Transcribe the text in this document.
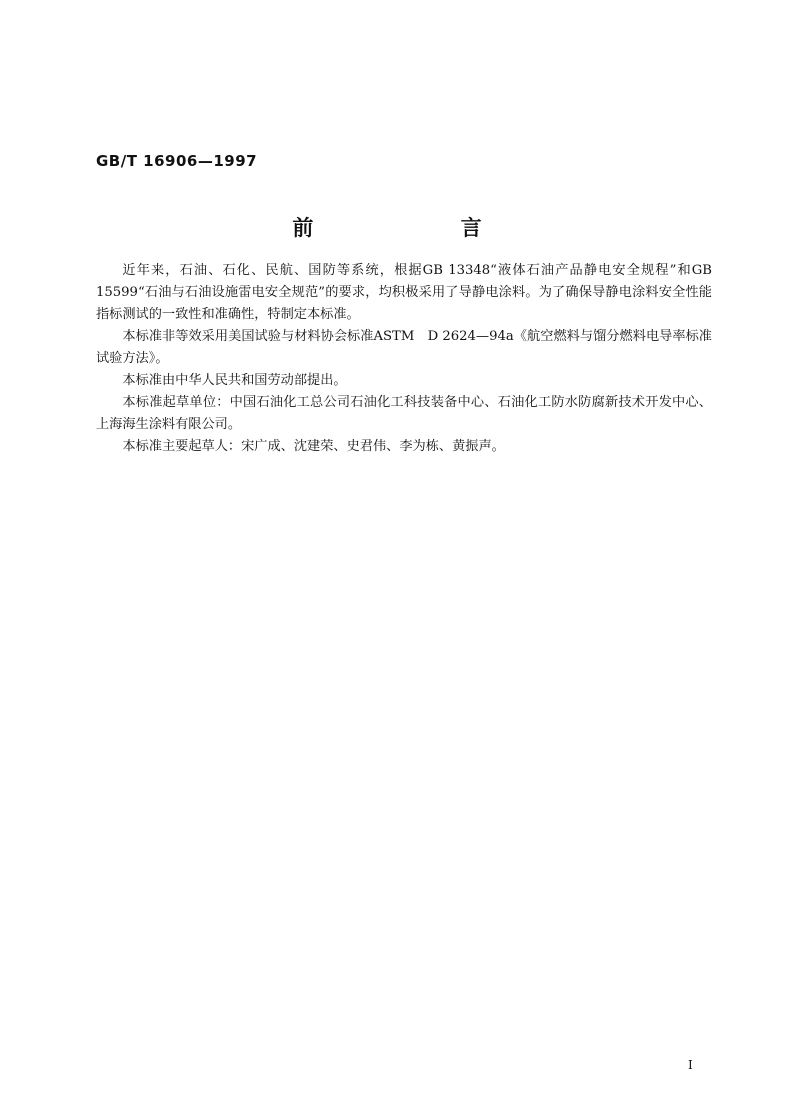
GB/T 16906—1997
前 言

近年来，石油、石化、民航、国防等系统，根据GB 13348“液体石油产品静电安全规程”和GB 15599“石油与石油设施雷电安全规范”的要求，均积极采用了导静电涂料。为了确保导静电涂料安全性能指标测试的一致性和准确性，特制定本标准。

本标准非等效采用美国试验与材料协会标准ASTM　D 2624—94a《航空燃料与馏分燃料电导率标准试验方法》。

本标准由中华人民共和国劳动部提出。

本标准起草单位：中国石油化工总公司石油化工科技装备中心、石油化工防水防腐新技术开发中心、上海海生涂料有限公司。

本标准主要起草人：宋广成、沈建荣、史君伟、李为栋、黄振声。

I
